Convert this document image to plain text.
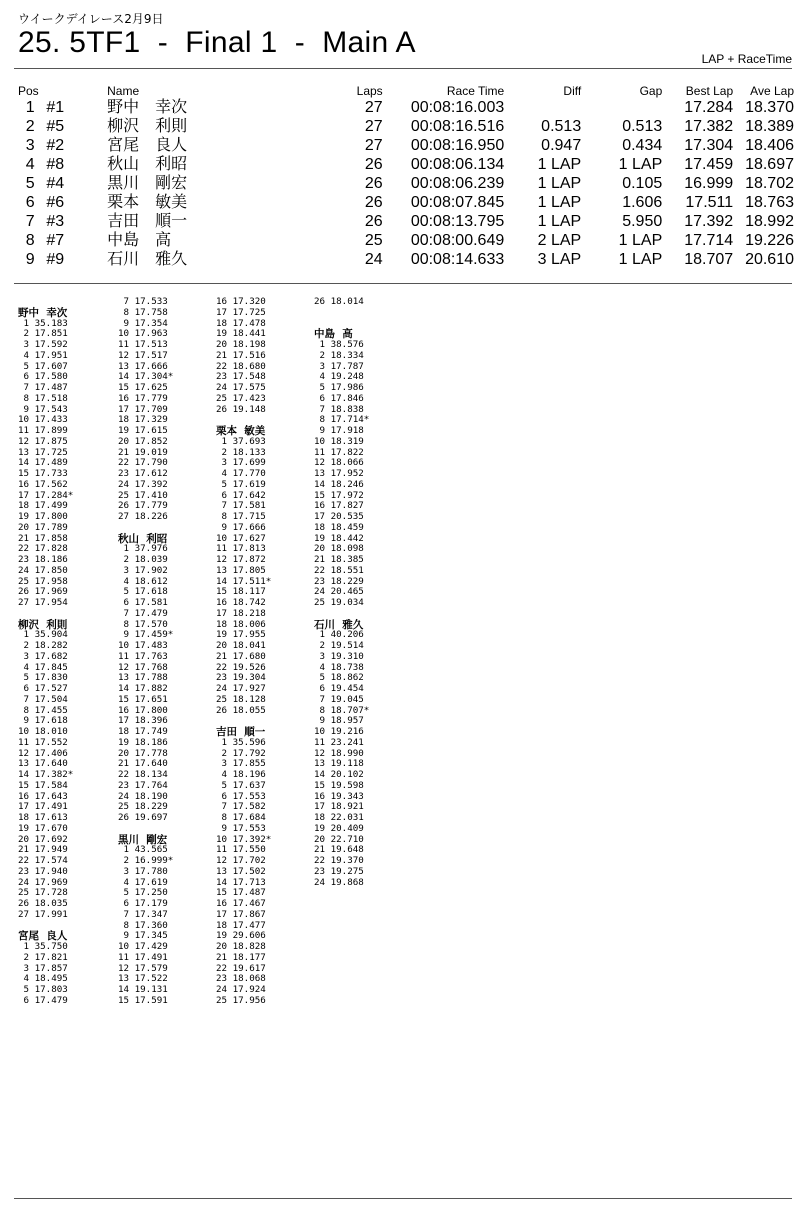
ウイークデイレース2月9日
25. 5TF1  -  Final 1  -  Main A	LAP + RaceTime
Pos		Name	Laps	Race Time	Diff	Gap	Best Lap	Ave Lap
1	#1	野中　幸次	27	00:08:16.003			17.284	18.370
2	#5	柳沢　利則	27	00:08:16.516	0.513	0.513	17.382	18.389
3	#2	宮尾　良人	27	00:08:16.950	0.947	0.434	17.304	18.406
4	#8	秋山　利昭	26	00:08:06.134	1 LAP	1 LAP	17.459	18.697
5	#4	黒川　剛宏	26	00:08:06.239	1 LAP	0.105	16.999	18.702
6	#6	栗本　敏美	26	00:08:07.845	1 LAP	1.606	17.511	18.763
7	#3	吉田　順一	26	00:08:13.795	1 LAP	5.950	17.392	18.992
8	#7	中島　高	25	00:08:00.649	2 LAP	1 LAP	17.714	19.226
9	#9	石川　雅久	24	00:08:14.633	3 LAP	1 LAP	18.707	20.610
野中  幸次
1 35.183
2 17.851
3 17.592
4 17.951
5 17.607
6 17.580
7 17.487
8 17.518
9 17.543
10 17.433
11 17.899
12 17.875
13 17.725
14 17.489
15 17.733
16 17.562
17 17.284*
18 17.499
19 17.800
20 17.789
21 17.858
22 17.828
23 18.186
24 17.850
25 17.958
26 17.969
27 17.954
柳沢  利則
1 35.904
2 18.282
3 17.682
4 17.845
5 17.830
6 17.527
7 17.504
8 17.455
9 17.618
10 18.010
11 17.552
12 17.406
13 17.640
14 17.382*
15 17.584
16 17.643
17 17.491
18 17.613
19 17.670
20 17.692
21 17.949
22 17.574
23 17.940
24 17.969
25 17.728
26 18.035
27 17.991
宮尾  良人
1 35.750
2 17.821
3 17.857
4 18.495
5 17.803
6 17.479
7 17.533
8 17.758
9 17.354
10 17.963
11 17.513
12 17.517
13 17.666
14 17.304*
15 17.625
16 17.779
17 17.709
18 17.329
19 17.615
20 17.852
21 19.019
22 17.790
23 17.612
24 17.392
25 17.410
26 17.779
27 18.226
秋山  利昭
1 37.976
2 18.039
3 17.902
4 18.612
5 17.618
6 17.581
7 17.479
8 17.570
9 17.459*
10 17.483
11 17.763
12 17.768
13 17.788
14 17.882
15 17.651
16 17.800
17 18.396
18 17.749
19 18.186
20 17.778
21 17.640
22 18.134
23 17.764
24 18.190
25 18.229
26 19.697
黒川  剛宏
1 43.565
2 16.999*
3 17.780
4 17.619
5 17.250
6 17.179
7 17.347
8 17.360
9 17.345
10 17.429
11 17.491
12 17.579
13 17.522
14 19.131
15 17.591
16 17.320
17 17.725
18 17.478
19 18.441
20 18.198
21 17.516
22 18.680
23 17.548
24 17.575
25 17.423
26 19.148
栗本  敏美
1 37.693
2 18.133
3 17.699
4 17.770
5 17.619
6 17.642
7 17.581
8 17.715
9 17.666
10 17.627
11 17.813
12 17.872
13 17.805
14 17.511*
15 18.117
16 18.742
17 18.218
18 18.006
19 17.955
20 18.041
21 17.680
22 19.526
23 19.304
24 17.927
25 18.128
26 18.055
吉田  順一
1 35.596
2 17.792
3 17.855
4 18.196
5 17.637
6 17.553
7 17.582
8 17.684
9 17.553
10 17.392*
11 17.550
12 17.702
13 17.502
14 17.713
15 17.487
16 17.467
17 17.867
18 17.477
19 29.606
20 18.828
21 18.177
22 19.617
23 18.068
24 17.924
25 17.956
26 18.014
中島  高
1 38.576
2 18.334
3 17.787
4 19.248
5 17.986
6 17.846
7 18.838
8 17.714*
9 17.918
10 18.319
11 17.822
12 18.066
13 17.952
14 18.246
15 17.972
16 17.827
17 20.535
18 18.459
19 18.442
20 18.098
21 18.385
22 18.551
23 18.229
24 20.465
25 19.034
石川  雅久
1 40.206
2 19.514
3 19.310
4 18.738
5 18.862
6 19.454
7 19.045
8 18.707*
9 18.957
10 19.216
11 23.241
12 18.990
13 19.118
14 20.102
15 19.598
16 19.343
17 18.921
18 22.031
19 20.409
20 22.710
21 19.648
22 19.370
23 19.275
24 19.868
